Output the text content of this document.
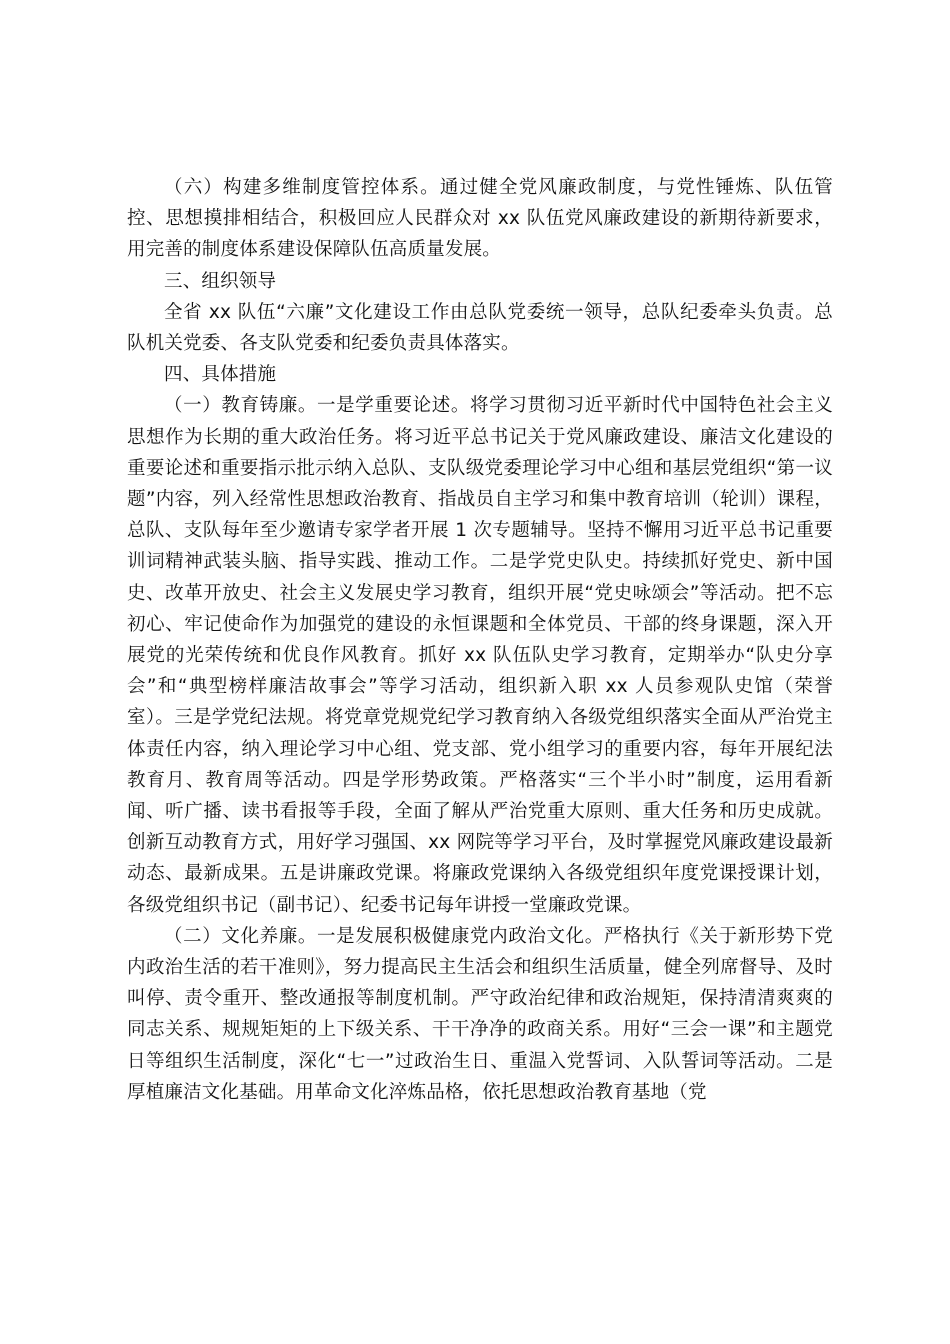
（六）构建多维制度管控体系。通过健全党风廉政制度，与党性锤炼、队伍管控、思想摸排相结合，积极回应人民群众对 xx 队伍党风廉政建设的新期待新要求，用完善的制度体系建设保障队伍高质量发展。

三、组织领导

全省 xx 队伍“六廉”文化建设工作由总队党委统一领导，总队纪委牵头负责。总队机关党委、各支队党委和纪委负责具体落实。

四、具体措施

（一）教育铸廉。一是学重要论述。将学习贯彻习近平新时代中国特色社会主义思想作为长期的重大政治任务。将习近平总书记关于党风廉政建设、廉洁文化建设的重要论述和重要指示批示纳入总队、支队级党委理论学习中心组和基层党组织“第一议题”内容，列入经常性思想政治教育、指战员自主学习和集中教育培训（轮训）课程，总队、支队每年至少邀请专家学者开展 1 次专题辅导。坚持不懈用习近平总书记重要训词精神武装头脑、指导实践、推动工作。二是学党史队史。持续抓好党史、新中国史、改革开放史、社会主义发展史学习教育，组织开展“党史咏颂会”等活动。把不忘初心、牢记使命作为加强党的建设的永恒课题和全体党员、干部的终身课题，深入开展党的光荣传统和优良作风教育。抓好 xx 队伍队史学习教育，定期举办“队史分享会”和“典型榜样廉洁故事会”等学习活动，组织新入职 xx 人员参观队史馆（荣誉室）。三是学党纪法规。将党章党规党纪学习教育纳入各级党组织落实全面从严治党主体责任内容，纳入理论学习中心组、党支部、党小组学习的重要内容，每年开展纪法教育月、教育周等活动。四是学形势政策。严格落实“三个半小时”制度，运用看新闻、听广播、读书看报等手段，全面了解从严治党重大原则、重大任务和历史成就。创新互动教育方式，用好学习强国、xx 网院等学习平台，及时掌握党风廉政建设最新动态、最新成果。五是讲廉政党课。将廉政党课纳入各级党组织年度党课授课计划，各级党组织书记（副书记）、纪委书记每年讲授一堂廉政党课。

（二）文化养廉。一是发展积极健康党内政治文化。严格执行《关于新形势下党内政治生活的若干准则》，努力提高民主生活会和组织生活质量，健全列席督导、及时叫停、责令重开、整改通报等制度机制。严守政治纪律和政治规矩，保持清清爽爽的同志关系、规规矩矩的上下级关系、干干净净的政商关系。用好“三会一课”和主题党日等组织生活制度，深化“七一”过政治生日、重温入党誓词、入队誓词等活动。二是厚植廉洁文化基础。用革命文化淬炼品格，依托思想政治教育基地（党
